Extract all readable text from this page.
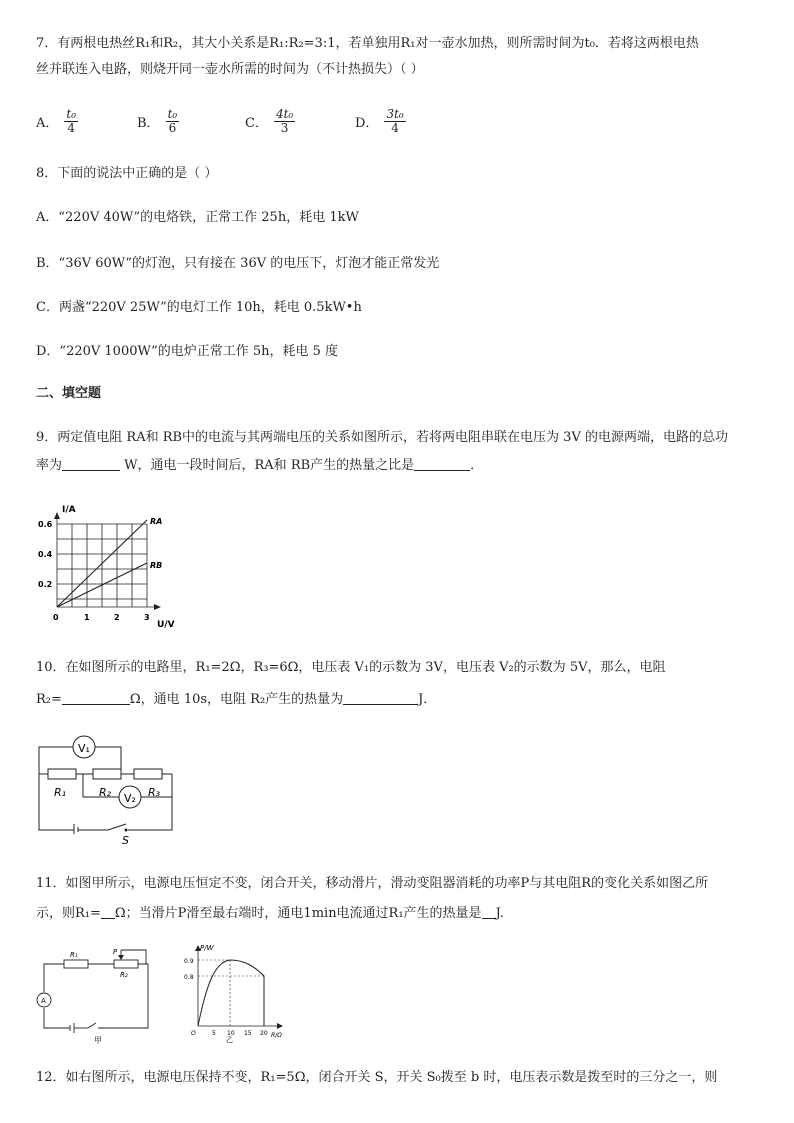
7．有两根电热丝R₁和R₂，其大小关系是R₁:R₂=3:1，若单独用R₁对一壶水加热，则所需时间为t₀．若将这两根电热
丝并联连入电路，则烧开同一壶水所需的时间为（不计热损失）（ ）
A． $\frac{\text{t₀}}{4}$	B． $\frac{\text{t₀}}{6}$	C． $\frac{\text{4t₀}}{3}$	D． $\frac{\text{3t₀}}{4}$
8．下面的说法中正确的是（ ）
A．“220V 40W”的电烙铁，正常工作 25h，耗电 1kW
B．“36V 60W”的灯泡，只有接在 36V 的电压下，灯泡才能正常发光
C．两盏“220V 25W”的电灯工作 10h，耗电 0.5kW•h
D．“220V 1000W”的电炉正常工作 5h，耗电 5 度
二、填空题
9．两定值电阻 RA和 RB中的电流与其两端电压的关系如图所示，若将两电阻串联在电压为 3V 的电源两端，电路的总功
率为	W，通电一段时间后，RA和 RB产生的热量之比是	．
I/A
U/V
0.6
0.4
0.2
0	1	2	3
RA
RB
10．在如图所示的电路里，R₁=2Ω，R₃=6Ω，电压表 V₁的示数为 3V，电压表 V₂的示数为 5V，那么，电阻
R₂=	Ω，通电 10s，电阻 R₂产生的热量为	J．
V₁
V₂
R₁	R₂	R₃
S
11．如图甲所示，电源电压恒定不变，闭合开关，移动滑片，滑动变阻器消耗的功率P与其电阻R的变化关系如图乙所
示，则R₁= Ω；当滑片P滑至最右端时，通电1min电流通过R₁产生的热量是 J.
R₁
R₂
P
A
甲
P/W
R/Ω
0.9
0.8
O	5 10 15 20
乙
12．如右图所示，电源电压保持不变，R₁=5Ω，闭合开关 S，开关 S₀拨至 b 时，电压表示数是拨至时的三分之一，则
